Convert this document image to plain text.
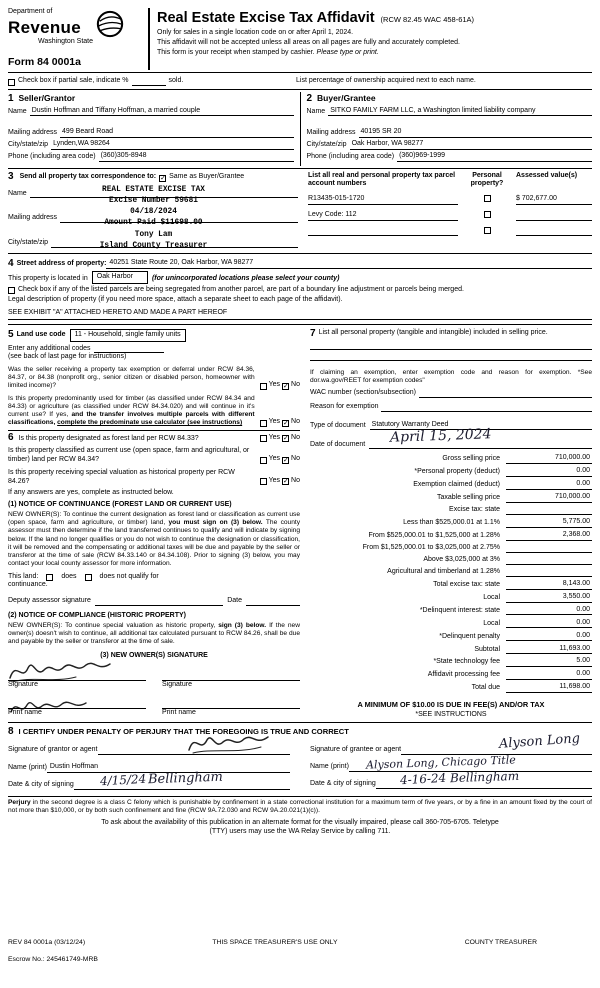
Department of
Revenue
Washington State
Form 84 0001a
Real Estate Excise Tax Affidavit (RCW 82.45 WAC 458-61A)
Only for sales in a single location code on or after April 1, 2024.
This affidavit will not be accepted unless all areas on all pages are fully and accurately completed.
This form is your receipt when stamped by cashier. Please type or print.
Check box if partial sale, indicate %	sold.	List percentage of ownership acquired next to each name.
1 Seller/Grantor
Name Dustin Hoffman and Tiffany Hoffman, a married couple
Mailing address 499 Beard Road
City/state/zip Lynden,WA 98264
Phone (including area code) (360)305-8948
2 Buyer/Grantee
Name SITKO FAMILY FARM LLC, a Washington limited liability company
Mailing address 40195 SR 20
City/state/zip Oak Harbor, WA 98277
Phone (including area code) (360)969-1999
3 Send all property tax correspondence to: ✓ Same as Buyer/Grantee
Name
Mailing address
City/state/zip
REAL ESTATE EXCISE TAX
Excise Number 59681
04/18/2024
Amount Paid $11698.00
Tony Lam
Island County Treasurer
List all real and personal property tax parcel account numbers
Personal property?
Assessed value(s)
R13435-015-1720	$ 702,677.00
Levy Code: 112
4 Street address of property: 40251 State Route 20, Oak Harbor, WA 98277
This property is located in	Oak Harbor	(for unincorporated locations please select your county)
Check box if any of the listed parcels are being segregated from another parcel, are part of a boundary line adjustment or parcels being merged.
Legal description of property (if you need more space, attach a separate sheet to each page of the affidavit).
SEE EXHIBIT "A" ATTACHED HERETO AND MADE A PART HEREOF
5 Land use code	11 - Household, single family units
Enter any additional codes
(see back of last page for instructions)
Was the seller receiving a property tax exemption or deferral under RCW 84.36, 84.37, or 84.38 (nonprofit org., senior citizen or disabled person, homeowner with limited income)?	Yes ✓ No
Is this property predominantly used for timber (as classified under RCW 84.34 and 84.33) or agriculture (as classified under RCW 84.34.020) and will continue in it's current use? If yes, and the transfer involves multiple parcels with different classifications, complete the predominate use calculator (see instructions)	Yes ✓ No
6 Is this property designated as forest land per RCW 84.33?	Yes ✓ No
Is this property classified as current use (open space, farm and agricultural, or timber) land per RCW 84.34?	Yes ✓ No
Is this property receiving special valuation as historical property per RCW 84.26?	Yes ✓ No
If any answers are yes, complete as instructed below.
(1) NOTICE OF CONTINUANCE (FOREST LAND OR CURRENT USE)
NEW OWNER(S): To continue the current designation as forest land or classification as current use (open space, farm and agriculture, or timber) land, you must sign on (3) below. The county assessor must then determine if the land transferred continues to qualify and will indicate by signing below. If the land no longer qualifies or you do not wish to continue the designation or classification, it will be removed and the compensating or additional taxes will be due and payable by the seller or transferor at the time of sale (RCW 84.33.140 or 84.34.108). Prior to signing (3) below, you may contact your local county assessor for more information.
This land:	does	does not qualify for
continuance.
Deputy assessor signature	Date
(2) NOTICE OF COMPLIANCE (HISTORIC PROPERTY)
NEW OWNER(S): To continue special valuation as historic property, sign (3) below. If the new owner(s) doesn't wish to continue, all additional tax calculated pursuant to RCW 84.26, shall be due and payable by the seller or transferor at the time of sale.
(3) NEW OWNER(S) SIGNATURE
Signature	Signature
Print name	Print name
7 List all personal property (tangible and intangible) included in selling price.
If claiming an exemption, enter exemption code and reason for exemption. *See dor.wa.gov/REET for exemption codes"
WAC number (section/subsection)
Reason for exemption
Type of document Statutory Warranty Deed
Date of document April 15, 2024
Gross selling price	710,000.00
*Personal property (deduct)	0.00
Exemption claimed (deduct)	0.00
Taxable selling price	710,000.00
Excise tax: state
Less than $525,000.01 at 1.1%	5,775.00
From $525,000.01 to $1,525,000 at 1.28%	2,368.00
From $1,525,000.01 to $3,025,000 at 2.75%
Above $3,025,000 at 3%
Agricultural and timberland at 1.28%
Total excise tax: state	8,143.00
Local	3,550.00
*Delinquent interest: state	0.00
Local	0.00
*Delinquent penalty	0.00
Subtotal	11,693.00
*State technology fee	5.00
Affidavit processing fee	0.00
Total due	11,698.00
A MINIMUM OF $10.00 IS DUE IN FEE(S) AND/OR TAX
*SEE INSTRUCTIONS
8 I CERTIFY UNDER PENALTY OF PERJURY THAT THE FOREGOING IS TRUE AND CORRECT
Signature of grantor or agent
Name (print) Dustin Hoffman
Date & city of signing 4/15/24 Bellingham
Signature of grantee or agent	Alyson Long
Name (print) Alyson Long, Chicago Title
Date & city of signing 4-16-24 Bellingham
Perjury in the second degree is a class C felony which is punishable by confinement in a state correctional institution for a maximum term of five years, or by a fine in an amount fixed by the court of not more than $10,000, or by both such confinement and fine (RCW 9A.72.030 and RCW 9A.20.021(1)(c)).
To ask about the availability of this publication in an alternate format for the visually impaired, please call 360-705-6705. Teletype
(TTY) users may use the WA Relay Service by calling 711.
REV 84 0001a (03/12/24)	THIS SPACE TREASURER'S USE ONLY	COUNTY TREASURER
Escrow No.: 245461749-MRB
